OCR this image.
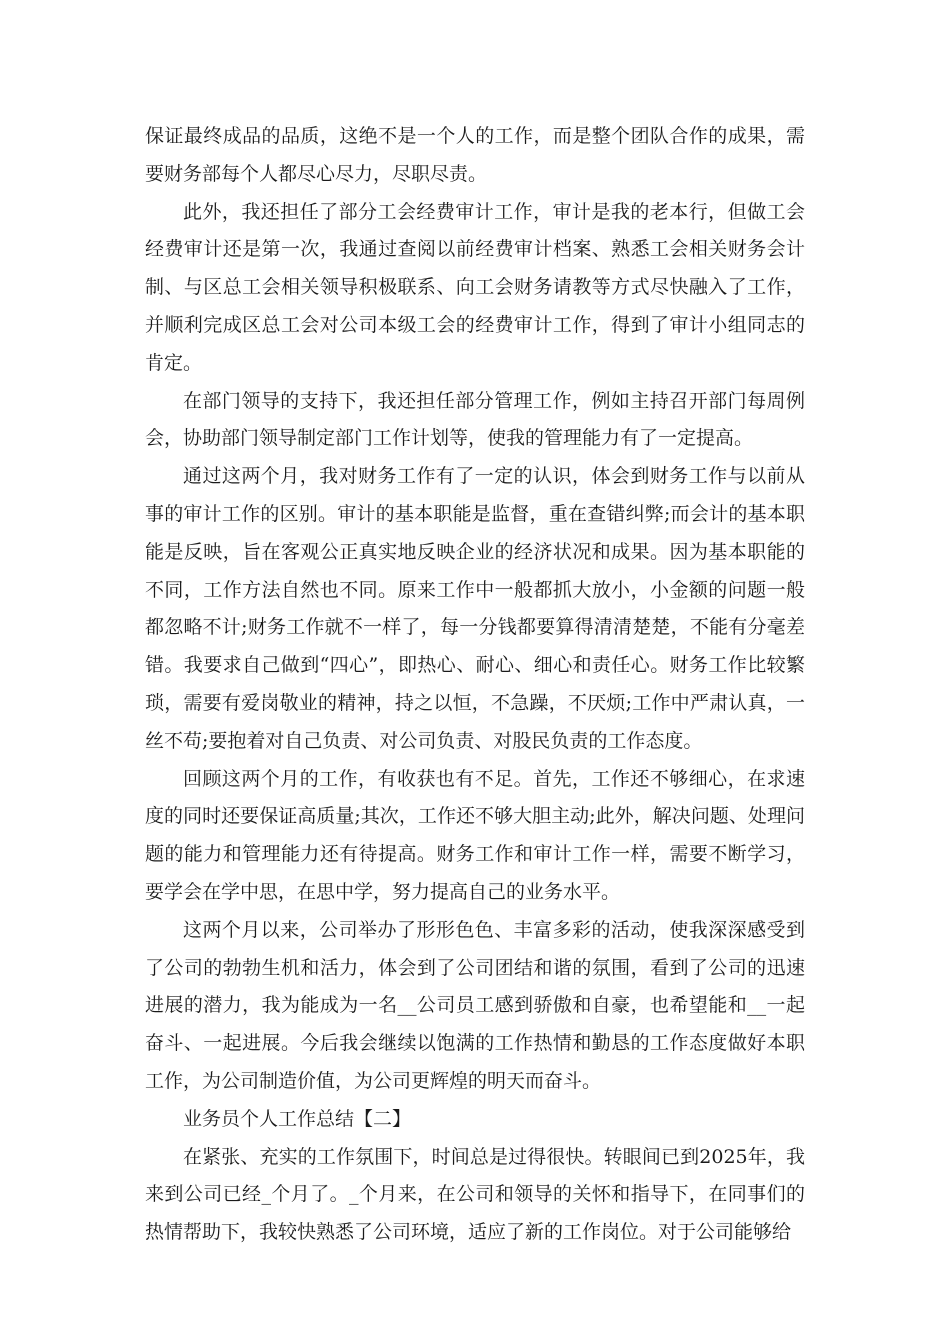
保证最终成品的品质，这绝不是一个人的工作，而是整个团队合作的成果，需要财务部每个人都尽心尽力，尽职尽责。

此外，我还担任了部分工会经费审计工作，审计是我的老本行，但做工会经费审计还是第一次，我通过查阅以前经费审计档案、熟悉工会相关财务会计制、与区总工会相关领导积极联系、向工会财务请教等方式尽快融入了工作，并顺利完成区总工会对公司本级工会的经费审计工作，得到了审计小组同志的肯定。

在部门领导的支持下，我还担任部分管理工作，例如主持召开部门每周例会，协助部门领导制定部门工作计划等，使我的管理能力有了一定提高。

通过这两个月，我对财务工作有了一定的认识，体会到财务工作与以前从事的审计工作的区别。审计的基本职能是监督，重在查错纠弊;而会计的基本职能是反映，旨在客观公正真实地反映企业的经济状况和成果。因为基本职能的不同，工作方法自然也不同。原来工作中一般都抓大放小，小金额的问题一般都忽略不计;财务工作就不一样了，每一分钱都要算得清清楚楚，不能有分毫差错。我要求自己做到“四心”，即热心、耐心、细心和责任心。财务工作比较繁琐，需要有爱岗敬业的精神，持之以恒，不急躁，不厌烦;工作中严肃认真，一丝不苟;要抱着对自己负责、对公司负责、对股民负责的工作态度。

回顾这两个月的工作，有收获也有不足。首先，工作还不够细心，在求速度的同时还要保证高质量;其次，工作还不够大胆主动;此外，解决问题、处理问题的能力和管理能力还有待提高。财务工作和审计工作一样，需要不断学习，要学会在学中思，在思中学，努力提高自己的业务水平。

这两个月以来，公司举办了形形色色、丰富多彩的活动，使我深深感受到了公司的勃勃生机和活力，体会到了公司团结和谐的氛围，看到了公司的迅速进展的潜力，我为能成为一名__公司员工感到骄傲和自豪，也希望能和__一起奋斗、一起进展。今后我会继续以饱满的工作热情和勤恳的工作态度做好本职工作，为公司制造价值，为公司更辉煌的明天而奋斗。

业务员个人工作总结【二】

在紧张、充实的工作氛围下，时间总是过得很快。转眼间已到2025年，我来到公司已经_个月了。_个月来，在公司和领导的关怀和指导下，在同事们的热情帮助下，我较快熟悉了公司环境，适应了新的工作岗位。对于公司能够给
